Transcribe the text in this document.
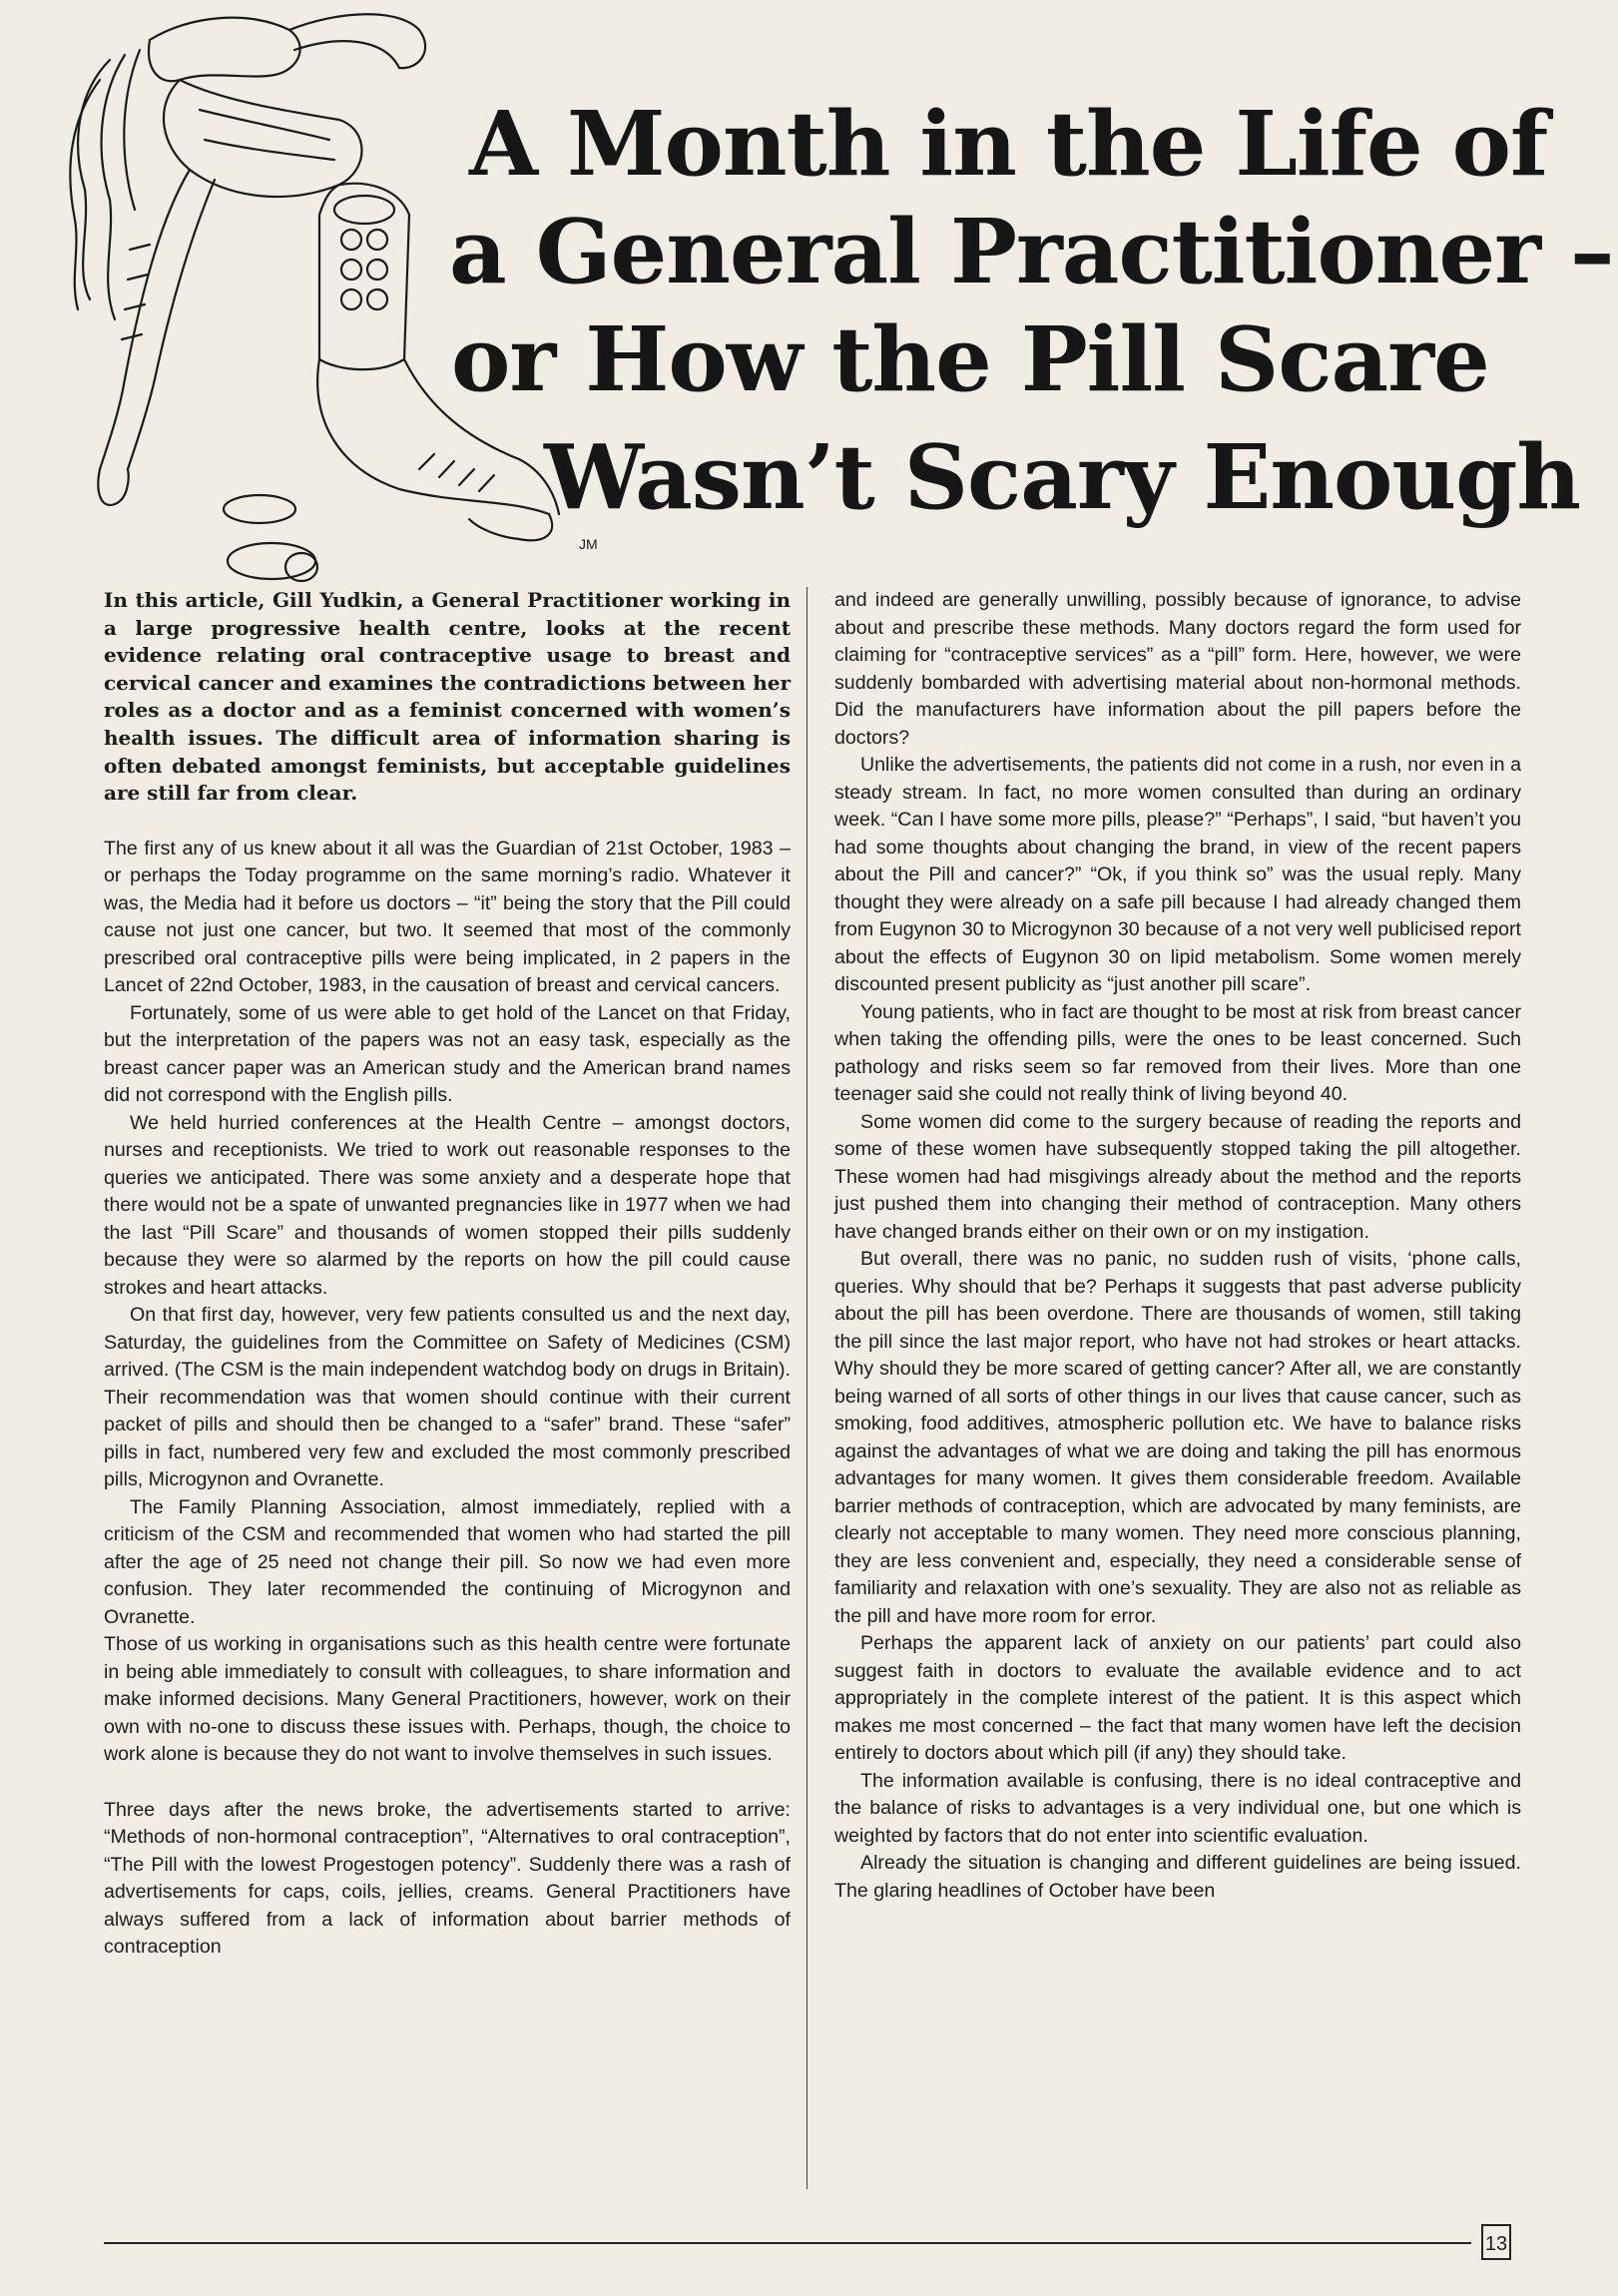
JM
A Month in the Life of
a General Practitioner –
or How the Pill Scare
Wasn’t Scary Enough

In this article, Gill Yudkin, a General Practitioner working in a large progressive health centre, looks at the recent evidence relating oral contraceptive usage to breast and cervical cancer and examines the contradictions between her roles as a doctor and as a feminist concerned with women’s health issues. The difficult area of information sharing is often debated amongst feminists, but acceptable guidelines are still far from clear.

The first any of us knew about it all was the Guardian of 21st October, 1983 – or perhaps the Today programme on the same morning’s radio. Whatever it was, the Media had it before us doctors – “it” being the story that the Pill could cause not just one cancer, but two. It seemed that most of the commonly prescribed oral contraceptive pills were being implicated, in 2 papers in the Lancet of 22nd October, 1983, in the causation of breast and cervical cancers.

Fortunately, some of us were able to get hold of the Lancet on that Friday, but the interpretation of the papers was not an easy task, especially as the breast cancer paper was an American study and the American brand names did not correspond with the English pills.

We held hurried conferences at the Health Centre – amongst doctors, nurses and receptionists. We tried to work out reasonable responses to the queries we anticipated. There was some anxiety and a desperate hope that there would not be a spate of unwanted pregnancies like in 1977 when we had the last “Pill Scare” and thousands of women stopped their pills suddenly because they were so alarmed by the reports on how the pill could cause strokes and heart attacks.

On that first day, however, very few patients consulted us and the next day, Saturday, the guidelines from the Committee on Safety of Medicines (CSM) arrived. (The CSM is the main independent watchdog body on drugs in Britain). Their recommendation was that women should continue with their current packet of pills and should then be changed to a “safer” brand. These “safer” pills in fact, numbered very few and excluded the most commonly prescribed pills, Microgynon and Ovranette.

The Family Planning Association, almost immediately, replied with a criticism of the CSM and recommended that women who had started the pill after the age of 25 need not change their pill. So now we had even more confusion. They later recommended the continuing of Microgynon and Ovranette.

Those of us working in organisations such as this health centre were fortunate in being able immediately to consult with colleagues, to share information and make informed decisions. Many General Practitioners, however, work on their own with no-one to discuss these issues with. Perhaps, though, the choice to work alone is because they do not want to involve themselves in such issues.

Three days after the news broke, the advertisements started to arrive: “Methods of non-hormonal contraception”, “Alternatives to oral contraception”, “The Pill with the lowest Progestogen potency”. Suddenly there was a rash of advertisements for caps, coils, jellies, creams. General Practitioners have always suffered from a lack of information about barrier methods of contraception

and indeed are generally unwilling, possibly because of ignorance, to advise about and prescribe these methods. Many doctors regard the form used for claiming for “contraceptive services” as a “pill” form. Here, however, we were suddenly bombarded with advertising material about non-hormonal methods. Did the manufacturers have information about the pill papers before the doctors?

Unlike the advertisements, the patients did not come in a rush, nor even in a steady stream. In fact, no more women consulted than during an ordinary week. “Can I have some more pills, please?” “Perhaps”, I said, “but haven’t you had some thoughts about changing the brand, in view of the recent papers about the Pill and cancer?” “Ok, if you think so” was the usual reply. Many thought they were already on a safe pill because I had already changed them from Eugynon 30 to Microgynon 30 because of a not very well publicised report about the effects of Eugynon 30 on lipid metabolism. Some women merely discounted present publicity as “just another pill scare”.

Young patients, who in fact are thought to be most at risk from breast cancer when taking the offending pills, were the ones to be least concerned. Such pathology and risks seem so far removed from their lives. More than one teenager said she could not really think of living beyond 40.

Some women did come to the surgery because of reading the reports and some of these women have subsequently stopped taking the pill altogether. These women had had misgivings already about the method and the reports just pushed them into changing their method of contraception. Many others have changed brands either on their own or on my instigation.

But overall, there was no panic, no sudden rush of visits, ‘phone calls, queries. Why should that be? Perhaps it suggests that past adverse publicity about the pill has been overdone. There are thousands of women, still taking the pill since the last major report, who have not had strokes or heart attacks. Why should they be more scared of getting cancer? After all, we are constantly being warned of all sorts of other things in our lives that cause cancer, such as smoking, food additives, atmospheric pollution etc. We have to balance risks against the advantages of what we are doing and taking the pill has enormous advantages for many women. It gives them considerable freedom. Available barrier methods of contraception, which are advocated by many feminists, are clearly not acceptable to many women. They need more conscious planning, they are less convenient and, especially, they need a considerable sense of familiarity and relaxation with one’s sexuality. They are also not as reliable as the pill and have more room for error.

Perhaps the apparent lack of anxiety on our patients’ part could also suggest faith in doctors to evaluate the available evidence and to act appropriately in the complete interest of the patient. It is this aspect which makes me most concerned – the fact that many women have left the decision entirely to doctors about which pill (if any) they should take.

The information available is confusing, there is no ideal contraceptive and the balance of risks to advantages is a very individual one, but one which is weighted by factors that do not enter into scientific evaluation.

Already the situation is changing and different guidelines are being issued. The glaring headlines of October have been

13
